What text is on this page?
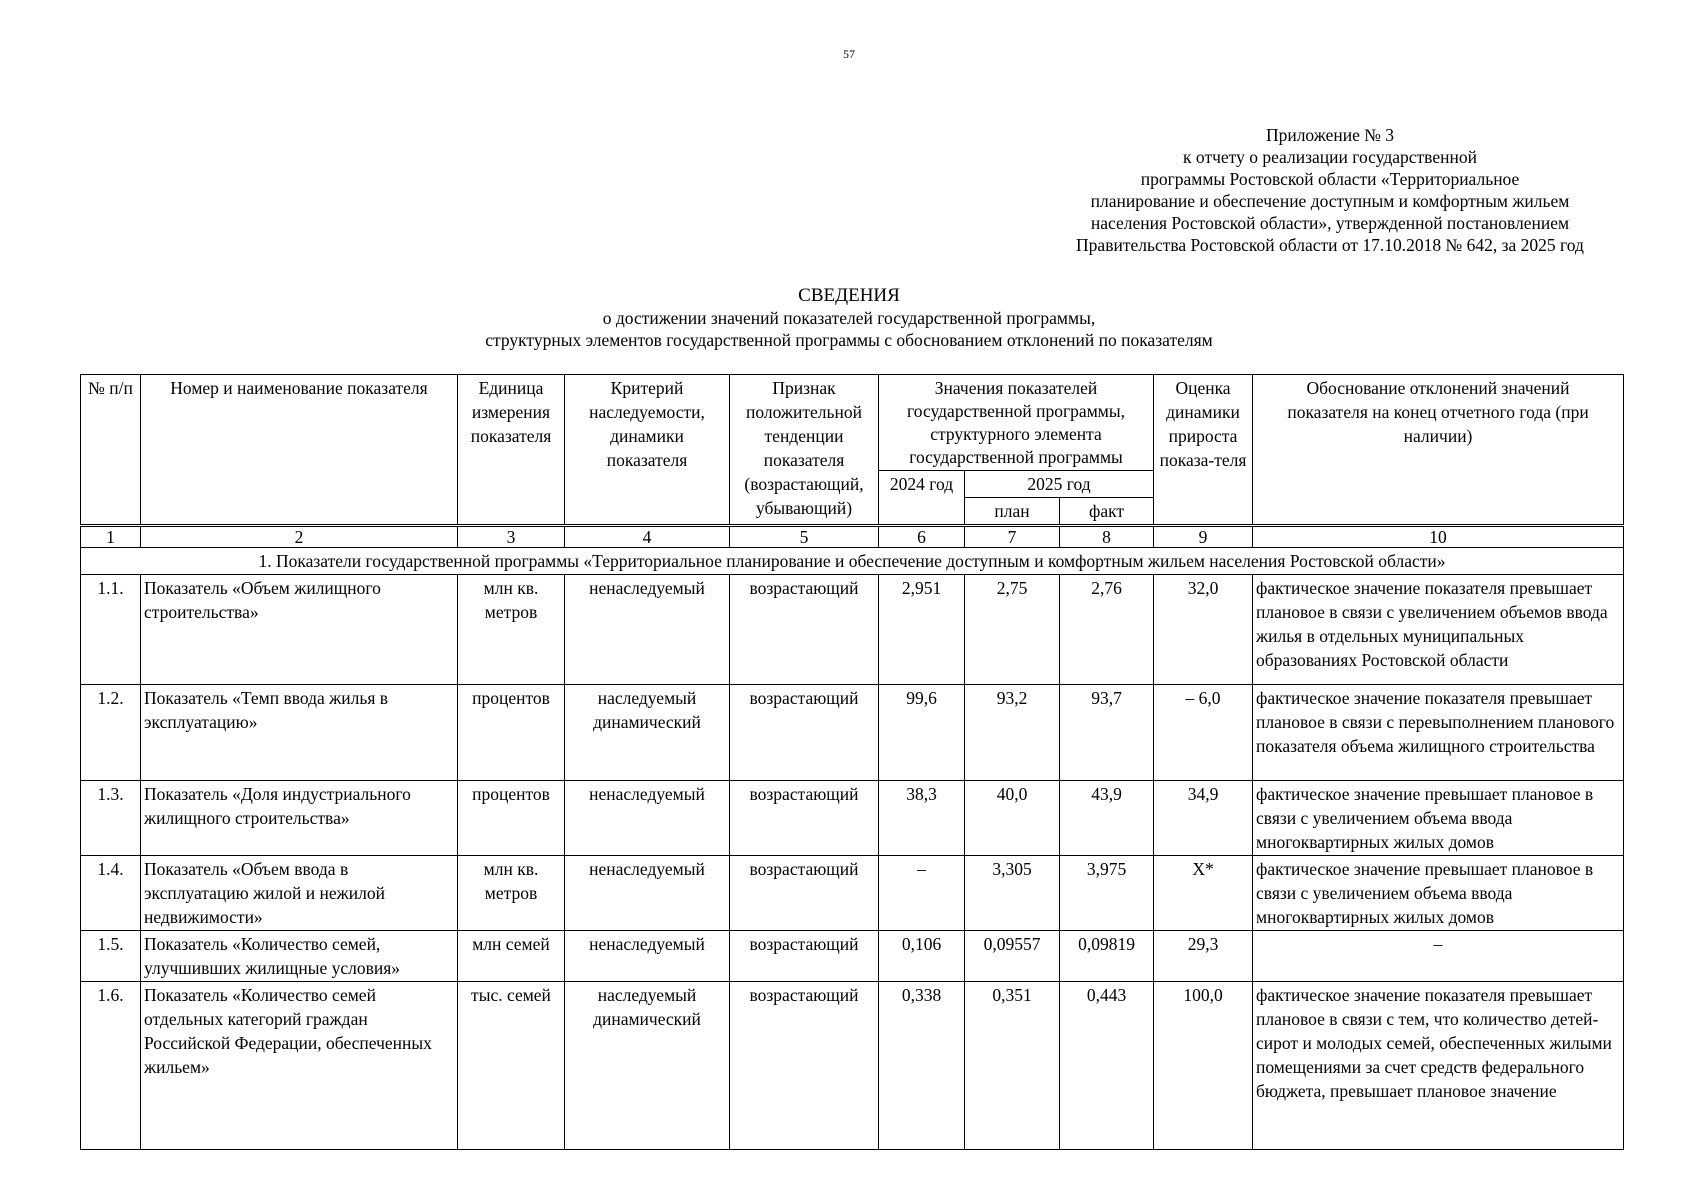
57
Приложение № 3
к отчету о реализации государственной
программы Ростовской области «Территориальное
планирование и обеспечение доступным и комфортным жильем
населения Ростовской области», утвержденной постановлением
Правительства Ростовской области от 17.10.2018 № 642, за 2025 год
СВЕДЕНИЯ
о достижении значений показателей государственной программы,
структурных элементов государственной программы с обоснованием отклонений по показателям
№ п/п	Номер и наименование показателя	Единица измерения показателя	Критерий наследуемости, динамики показателя	Признак положительной тенденции показателя (возрастающий, убывающий)	Значения показателей государственной программы, структурного элемента государственной программы			Оценка динамики прироста показа-теля	Обоснование отклонений значений показателя на конец отчетного года (при наличии)
					2024 год	2025 год			
						план	факт		
1	2	3	4	5	6	7	8	9	10
1. Показатели государственной программы «Территориальное планирование и обеспечение доступным и комфортным жильем населения Ростовской области»									
1.1.	Показатель «Объем жилищного строительства»	млн кв. метров	ненаследуемый	возрастающий	2,951	2,75	2,76	32,0	фактическое значение показателя превышает плановое в связи с увеличением объемов ввода жилья в отдельных муниципальных образованиях Ростовской области
1.2.	Показатель «Темп ввода жилья в эксплуатацию»	процентов	наследуемый динамический	возрастающий	99,6	93,2	93,7	– 6,0	фактическое значение показателя превышает плановое в связи с перевыполнением планового показателя объема жилищного строительства
1.3.	Показатель «Доля индустриального жилищного строительства»	процентов	ненаследуемый	возрастающий	38,3	40,0	43,9	34,9	фактическое значение превышает плановое в связи с увеличением объема ввода многоквартирных жилых домов
1.4.	Показатель «Объем ввода в эксплуатацию жилой и нежилой недвижимости»	млн кв. метров	ненаследуемый	возрастающий	–	3,305	3,975	Х*	фактическое значение превышает плановое в связи с увеличением объема ввода многоквартирных жилых домов
1.5.	Показатель «Количество семей, улучшивших жилищные условия»	млн семей	ненаследуемый	возрастающий	0,106	0,09557	0,09819	29,3	–
1.6.	Показатель «Количество семей отдельных категорий граждан Российской Федерации, обеспеченных жильем»	тыс. семей	наследуемый динамический	возрастающий	0,338	0,351	0,443	100,0	фактическое значение показателя превышает плановое в связи с тем, что количество детей-сирот и молодых семей, обеспеченных жилыми помещениями за счет средств федерального бюджета, превышает плановое значение
